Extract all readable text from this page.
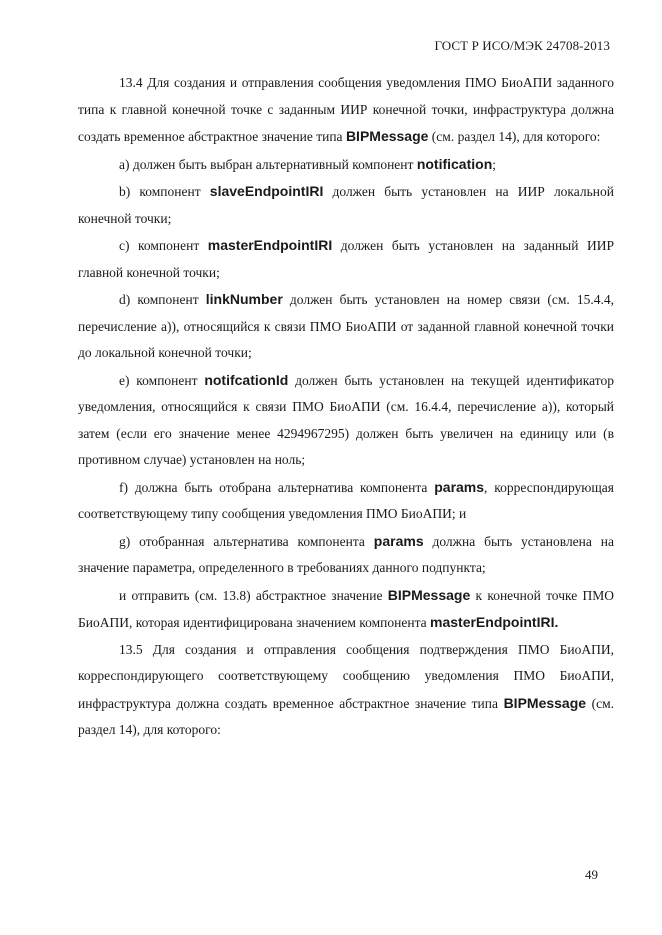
ГОСТ Р ИСО/МЭК 24708-2013

13.4 Для создания и отправления сообщения уведомления ПМО БиоАПИ заданного типа к главной конечной точке с заданным ИИР конечной точки, инфраструктура должна создать временное абстрактное значение типа BIPMessage (см. раздел 14), для которого:

a) должен быть выбран альтернативный компонент notification;

b) компонент slaveEndpointIRI должен быть установлен на ИИР локальной конечной точки;

c) компонент masterEndpointIRI должен быть установлен на заданный ИИР главной конечной точки;

d) компонент linkNumber должен быть установлен на номер связи (см. 15.4.4, перечисление a)), относящийся к связи ПМО БиоАПИ от заданной главной конечной точки до локальной конечной точки;

e) компонент notifcationId должен быть установлен на текущей идентификатор уведомления, относящийся к связи ПМО БиоАПИ (см. 16.4.4, перечисление a)), который затем (если его значение менее 4294967295) должен быть увеличен на единицу или (в противном случае) установлен на ноль;

f) должна быть отобрана альтернатива компонента params, корреспондирующая соответствующему типу сообщения уведомления ПМО БиоАПИ; и

g) отобранная альтернатива компонента params должна быть установлена на значение параметра, определенного в требованиях данного подпункта;

и отправить (см. 13.8) абстрактное значение BIPMessage к конечной точке ПМО БиоАПИ, которая идентифицирована значением компонента masterEndpointIRI.

13.5 Для создания и отправления сообщения подтверждения ПМО БиоАПИ, корреспондирующего соответствующему сообщению уведомления ПМО БиоАПИ, инфраструктура должна создать временное абстрактное значение типа BIPMessage (см. раздел 14), для которого:

49
